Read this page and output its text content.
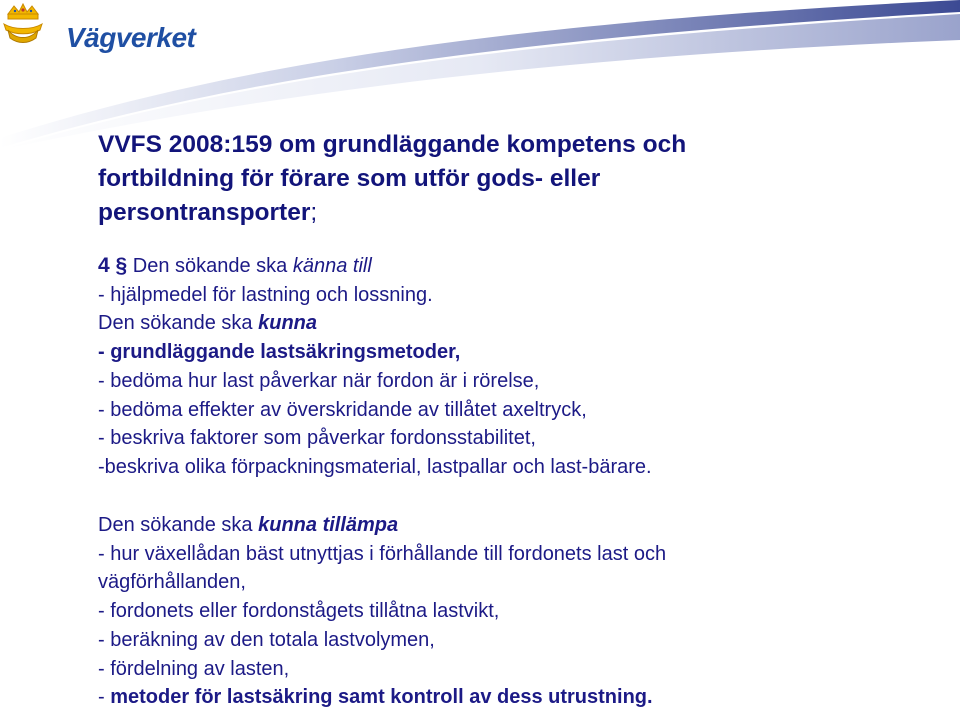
Vägverket
VVFS 2008:159 om grundläggande kompetens och
fortbildning för förare som utför gods- eller
persontransporter;
4 § Den sökande ska känna till
- hjälpmedel för lastning och lossning.
Den sökande ska kunna
- grundläggande lastsäkringsmetoder,
- bedöma hur last påverkar när fordon är i rörelse,
- bedöma effekter av överskridande av tillåtet axeltryck,
- beskriva faktorer som påverkar fordonsstabilitet,
-beskriva olika förpackningsmaterial, lastpallar och last-bärare.
Den sökande ska kunna tillämpa
- hur växellådan bäst utnyttjas i förhållande till fordonets last och
vägförhållanden,
- fordonets eller fordonstågets tillåtna lastvikt,
- beräkning av den totala lastvolymen,
- fördelning av lasten,
- metoder för lastsäkring samt kontroll av dess utrustning.
